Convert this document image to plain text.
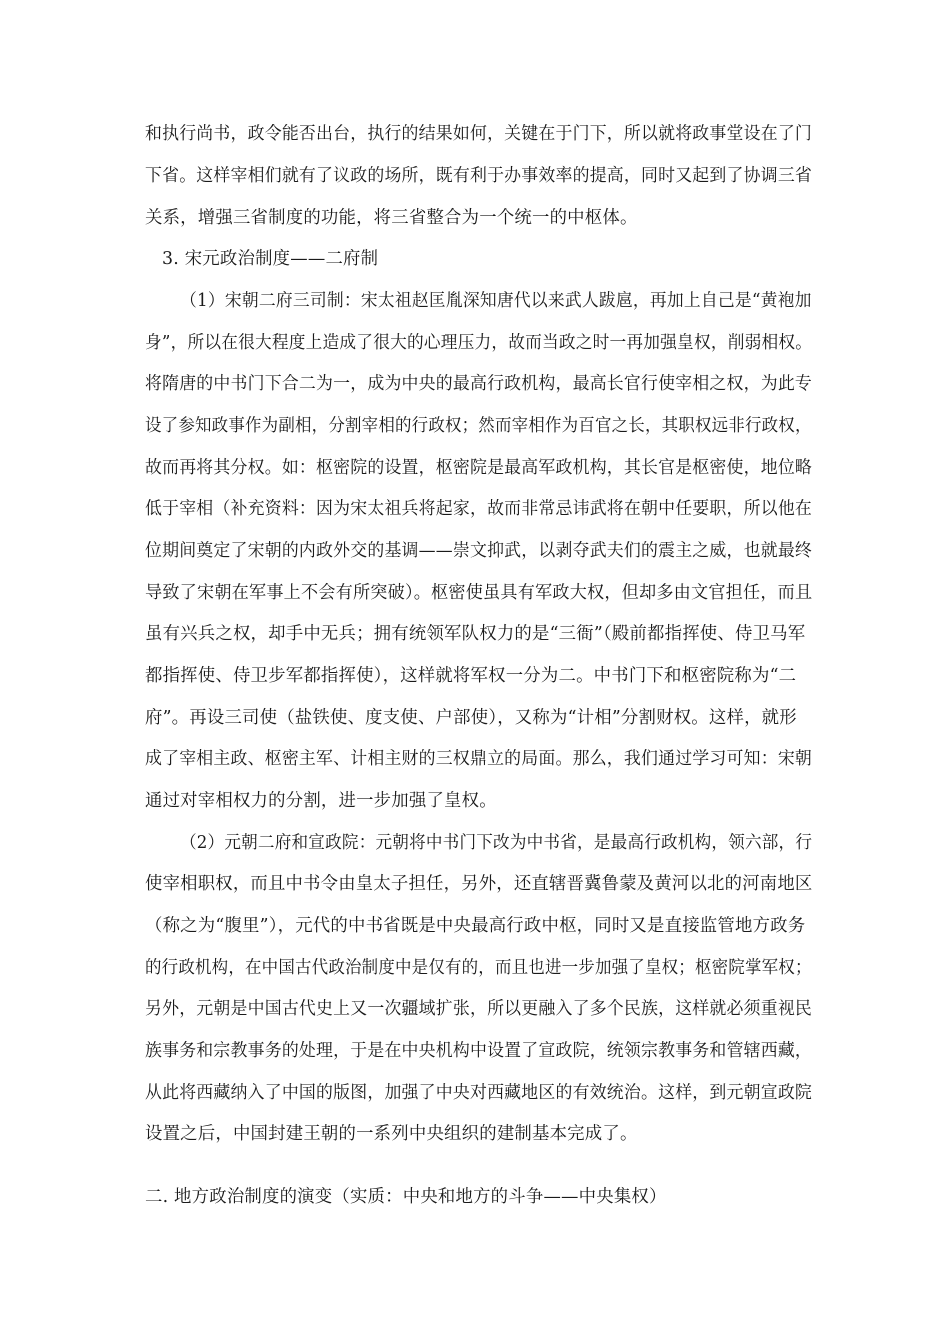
和执行尚书，政令能否出台，执行的结果如何，关键在于门下，所以就将政事堂设在了门
下省。这样宰相们就有了议政的场所，既有利于办事效率的提高，同时又起到了协调三省
关系，增强三省制度的功能，将三省整合为一个统一的中枢体。
3. 宋元政治制度——二府制
（1）宋朝二府三司制：宋太祖赵匡胤深知唐代以来武人跋扈，再加上自己是“黄袍加
身”，所以在很大程度上造成了很大的心理压力，故而当政之时一再加强皇权，削弱相权。
将隋唐的中书门下合二为一，成为中央的最高行政机构，最高长官行使宰相之权，为此专
设了参知政事作为副相，分割宰相的行政权；然而宰相作为百官之长，其职权远非行政权，
故而再将其分权。如：枢密院的设置，枢密院是最高军政机构，其长官是枢密使，地位略
低于宰相（补充资料：因为宋太祖兵将起家，故而非常忌讳武将在朝中任要职，所以他在
位期间奠定了宋朝的内政外交的基调——崇文抑武，以剥夺武夫们的震主之威，也就最终
导致了宋朝在军事上不会有所突破）。枢密使虽具有军政大权，但却多由文官担任，而且
虽有兴兵之权，却手中无兵；拥有统领军队权力的是“三衙”（殿前都指挥使、侍卫马军
都指挥使、侍卫步军都指挥使），这样就将军权一分为二。中书门下和枢密院称为“二
府”。再设三司使（盐铁使、度支使、户部使），又称为“计相”分割财权。这样，就形
成了宰相主政、枢密主军、计相主财的三权鼎立的局面。那么，我们通过学习可知：宋朝
通过对宰相权力的分割，进一步加强了皇权。
（2）元朝二府和宣政院：元朝将中书门下改为中书省，是最高行政机构，领六部，行
使宰相职权，而且中书令由皇太子担任，另外，还直辖晋冀鲁蒙及黄河以北的河南地区
（称之为“腹里”），元代的中书省既是中央最高行政中枢，同时又是直接监管地方政务
的行政机构，在中国古代政治制度中是仅有的，而且也进一步加强了皇权；枢密院掌军权；
另外，元朝是中国古代史上又一次疆域扩张，所以更融入了多个民族，这样就必须重视民
族事务和宗教事务的处理，于是在中央机构中设置了宣政院，统领宗教事务和管辖西藏，
从此将西藏纳入了中国的版图，加强了中央对西藏地区的有效统治。这样，到元朝宣政院
设置之后，中国封建王朝的一系列中央组织的建制基本完成了。
二. 地方政治制度的演变（实质：中央和地方的斗争——中央集权）
